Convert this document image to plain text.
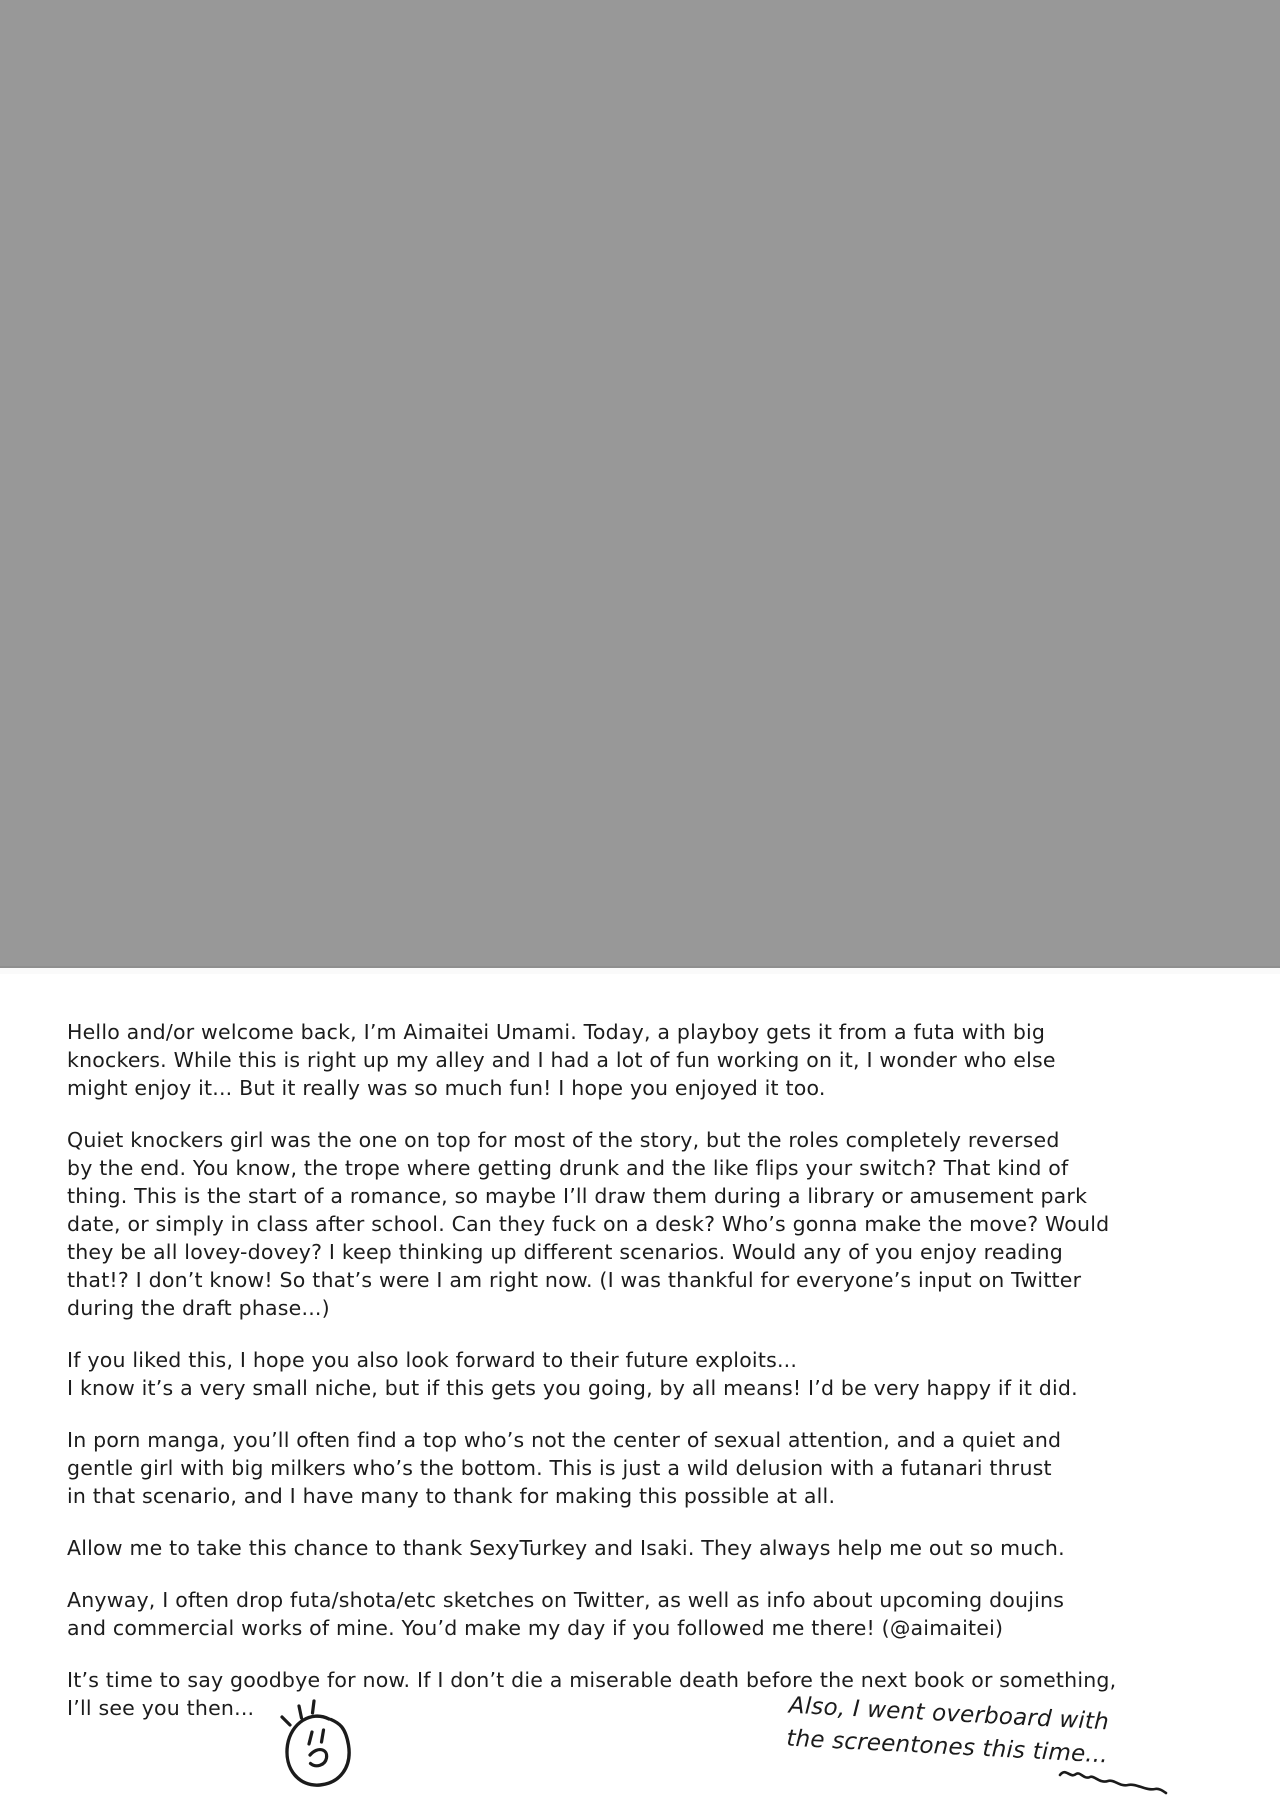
Hello and/or welcome back, I’m Aimaitei Umami. Today, a playboy gets it from a futa with big
knockers. While this is right up my alley and I had a lot of fun working on it, I wonder who else
might enjoy it... But it really was so much fun! I hope you enjoyed it too.
Quiet knockers girl was the one on top for most of the story, but the roles completely reversed
by the end. You know, the trope where getting drunk and the like flips your switch? That kind of
thing. This is the start of a romance, so maybe I’ll draw them during a library or amusement park
date, or simply in class after school. Can they fuck on a desk? Who’s gonna make the move? Would
they be all lovey-dovey? I keep thinking up different scenarios. Would any of you enjoy reading
that!? I don’t know! So that’s were I am right now. (I was thankful for everyone’s input on Twitter
during the draft phase...)
If you liked this, I hope you also look forward to their future exploits...
I know it’s a very small niche, but if this gets you going, by all means! I’d be very happy if it did.
In porn manga, you’ll often find a top who’s not the center of sexual attention, and a quiet and
gentle girl with big milkers who’s the bottom. This is just a wild delusion with a futanari thrust
in that scenario, and I have many to thank for making this possible at all.
Allow me to take this chance to thank SexyTurkey and Isaki. They always help me out so much.
Anyway, I often drop futa/shota/etc sketches on Twitter, as well as info about upcoming doujins
and commercial works of mine. You’d make my day if you followed me there! (@aimaitei)
It’s time to say goodbye for now. If I don’t die a miserable death before the next book or something,
I’ll see you then...	Also, I went overboard with
the screentones this time...
